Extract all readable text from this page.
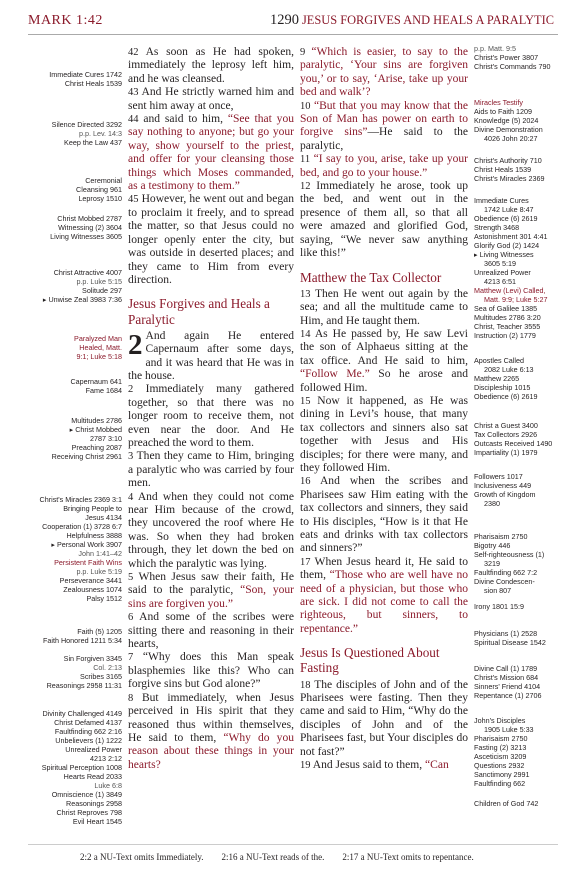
MARK 1:42	1290 JESUS FORGIVES AND HEALS A PARALYTIC
Immediate Cures 1742
Christ Heals 1539
Silence Directed 3292
p.p. Lev. 14:3
Keep the Law 437
Ceremonial
Cleansing 961
Leprosy 1510
Christ Mobbed 2787
Witnessing (2) 3604
Living Witnesses 3605
Christ Attractive 4007
p.p. Luke 5:15
Solitude 297
▸ Unwise Zeal 3983 7:36
Paralyzed Man
Healed, Matt.
9:1; Luke 5:18
Capernaum 641
Fame 1684
Multitudes 2786
▸ Christ Mobbed
2787 3:10
Preaching 2087
Receiving Christ 2961
Christ's Miracles 2369 3:1
Bringing People to
Jesus 4134
Cooperation (1) 3728 6:7
Helpfulness 3888
▸ Personal Work 3907
John 1:41–42
Persistent Faith Wins
p.p. Luke 5:19
Perseverance 3441
Zealousness 1074
Palsy 1512
Faith (5) 1205
Faith Honored 1211 5:34
Sin Forgiven 3345
Col. 2:13
Scribes 3165
Reasonings 2958 11:31
Divinity Challenged 4149
Christ Defamed 4137
Faultfinding 662 2:16
Unbelievers (1) 1222
Unrealized Power
4213 2:12
Spiritual Perception 1008
Hearts Read 2033
Luke 6:8
Omniscience (1) 3849
Reasonings 2958
Christ Reproves 798
Evil Heart 1545
p.p. Matt. 9:5
Christ's Power 3807
Christ's Commands 790
Miracles Testify
Aids to Faith 1209
Knowledge (5) 2024
Divine Demonstration
4026 John 20:27
Christ's Authority 710
Christ Heals 1539
Christ's Miracles 2369
Immediate Cures
1742 Luke 8:47
Obedience (6) 2619
Strength 3468
Astonishment 301 4:41
Glorify God (2) 1424
▸ Living Witnesses
3605 5:19
Unrealized Power
4213 6:51
Matthew (Levi) Called,
Matt. 9:9; Luke 5:27
Sea of Galilee 1385
Multitudes 2786 3:20
Christ, Teacher 3555
Instruction (2) 1779
Apostles Called
2082 Luke 6:13
Matthew 2265
Discipleship 1015
Obedience (6) 2619
Christ a Guest 3400
Tax Collectors 2926
Outcasts Received 1490
Impartiality (1) 1979
Followers 1017
Inclusiveness 449
Growth of Kingdom
2380
Pharisaism 2750
Bigotry 446
Self-righteousness (1)
3219
Faultfinding 662 7:2
Divine Condescen-
sion 807
Irony 1801 15:9
Physicians (1) 2528
Spiritual Disease 1542
Divine Call (1) 1789
Christ's Mission 684
Sinners' Friend 4104
Repentance (1) 2706
John's Disciples
1905 Luke 5:33
Pharisaism 2750
Fasting (2) 3213
Asceticism 3209
Questions 2932
Sanctimony 2991
Faultfinding 662
Children of God 742

42 As soon as He had spoken, immediately the leprosy left him, and he was cleansed.

43 And He strictly warned him and sent him away at once,

44 and said to him, “See that you say nothing to anyone; but go your way, show yourself to the priest, and offer for your cleansing those things which Moses commanded, as a testimony to them.”

45 However, he went out and began to proclaim it freely, and to spread the matter, so that Jesus could no longer openly enter the city, but was outside in deserted places; and they came to Him from every direction.

Jesus Forgives and Heals a Paralytic

2 And again He entered Capernaum after some days, and it was heard that He was in the house.

2 Immediately many gathered together, so that there was no longer room to receive them, not even near the door. And He preached the word to them.

3 Then they came to Him, bringing a paralytic who was carried by four men.

4 And when they could not come near Him because of the crowd, they uncovered the roof where He was. So when they had broken through, they let down the bed on which the paralytic was lying.

5 When Jesus saw their faith, He said to the paralytic, “Son, your sins are forgiven you.”

6 And some of the scribes were sitting there and reasoning in their hearts,

7 “Why does this Man speak blasphemies like this? Who can forgive sins but God alone?”

8 But immediately, when Jesus perceived in His spirit that they reasoned thus within themselves, He said to them, “Why do you reason about these things in your hearts?

9 “Which is easier, to say to the paralytic, ‘Your sins are forgiven you,’ or to say, ‘Arise, take up your bed and walk’?

10 “But that you may know that the Son of Man has power on earth to forgive sins”—He said to the paralytic,

11 “I say to you, arise, take up your bed, and go to your house.”

12 Immediately he arose, took up the bed, and went out in the presence of them all, so that all were amazed and glorified God, saying, “We never saw anything like this!”

Matthew the Tax Collector

13 Then He went out again by the sea; and all the multitude came to Him, and He taught them.

14 As He passed by, He saw Levi the son of Alphaeus sitting at the tax office. And He said to him, “Follow Me.” So he arose and followed Him.

15 Now it happened, as He was dining in Levi’s house, that many tax collectors and sinners also sat together with Jesus and His disciples; for there were many, and they followed Him.

16 And when the scribes and Pharisees saw Him eating with the tax collectors and sinners, they said to His disciples, “How is it that He eats and drinks with tax collectors and sinners?”

17 When Jesus heard it, He said to them, “Those who are well have no need of a physician, but those who are sick. I did not come to call the righteous, but sinners, to repentance.”

Jesus Is Questioned About Fasting

18 The disciples of John and of the Pharisees were fasting. Then they came and said to Him, “Why do the disciples of John and of the Pharisees fast, but Your disciples do not fast?”

19 And Jesus said to them, “Can

2:2 a NU-Text omits Immediately. 2:16 a NU-Text reads of the. 2:17 a NU-Text omits to repentance.
